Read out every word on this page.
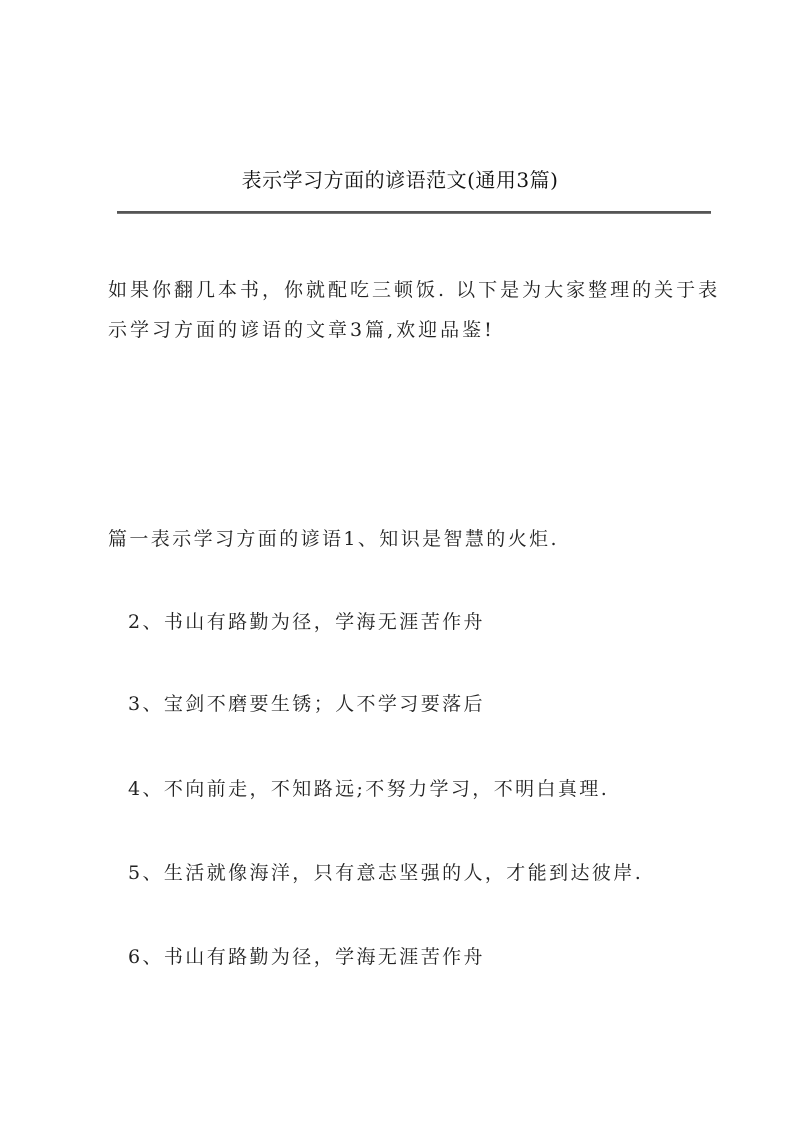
表示学习方面的谚语范文(通用3篇)

如果你翻几本书，你就配吃三顿饭. 以下是为大家整理的关于表

示学习方面的谚语的文章3篇,欢迎品鉴!

篇一表示学习方面的谚语1、知识是智慧的火炬.
2、书山有路勤为径，学海无涯苦作舟
3、宝剑不磨要生锈；人不学习要落后
4、不向前走，不知路远;不努力学习，不明白真理.
5、生活就像海洋，只有意志坚强的人，才能到达彼岸.
6、书山有路勤为径，学海无涯苦作舟
